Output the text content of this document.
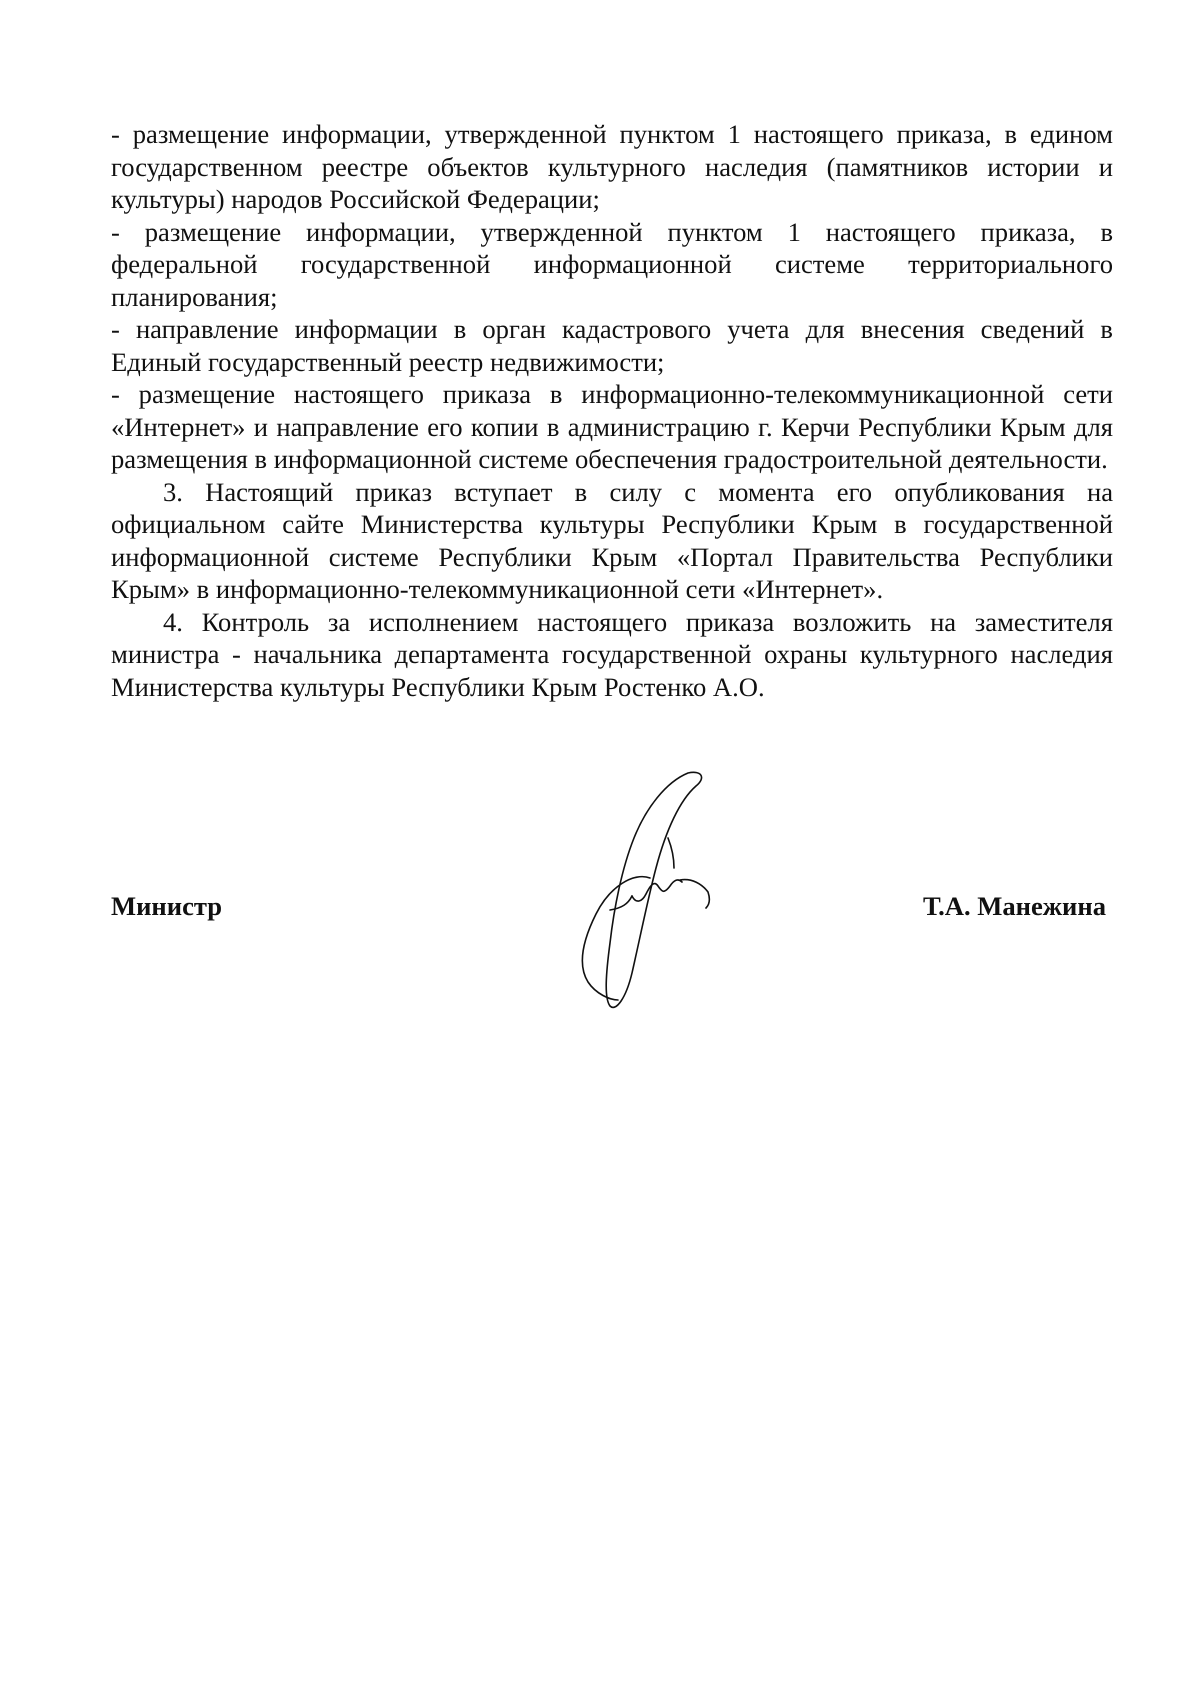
- размещение информации, утвержденной пунктом 1 настоящего приказа, в едином государственном реестре объектов культурного наследия (памятников истории и культуры) народов Российской Федерации;

- размещение информации, утвержденной пунктом 1 настоящего приказа, в федеральной государственной информационной системе территориального планирования;

- направление информации в орган кадастрового учета для внесения сведений в Единый государственный реестр недвижимости;

- размещение настоящего приказа в информационно-телекоммуникационной сети «Интернет» и направление его копии в администрацию г. Керчи Республики Крым для размещения в информационной системе обеспечения градостроительной деятельности.

3. Настоящий приказ вступает в силу с момента его опубликования на официальном сайте Министерства культуры Республики Крым в государственной информационной системе Республики Крым «Портал Правительства Республики Крым» в информационно-телекоммуникационной сети «Интернет».

4. Контроль за исполнением настоящего приказа возложить на заместителя министра - начальника департамента государственной охраны культурного наследия Министерства культуры Республики Крым Ростенко А.О.

Министр	Т.А. Манежина
